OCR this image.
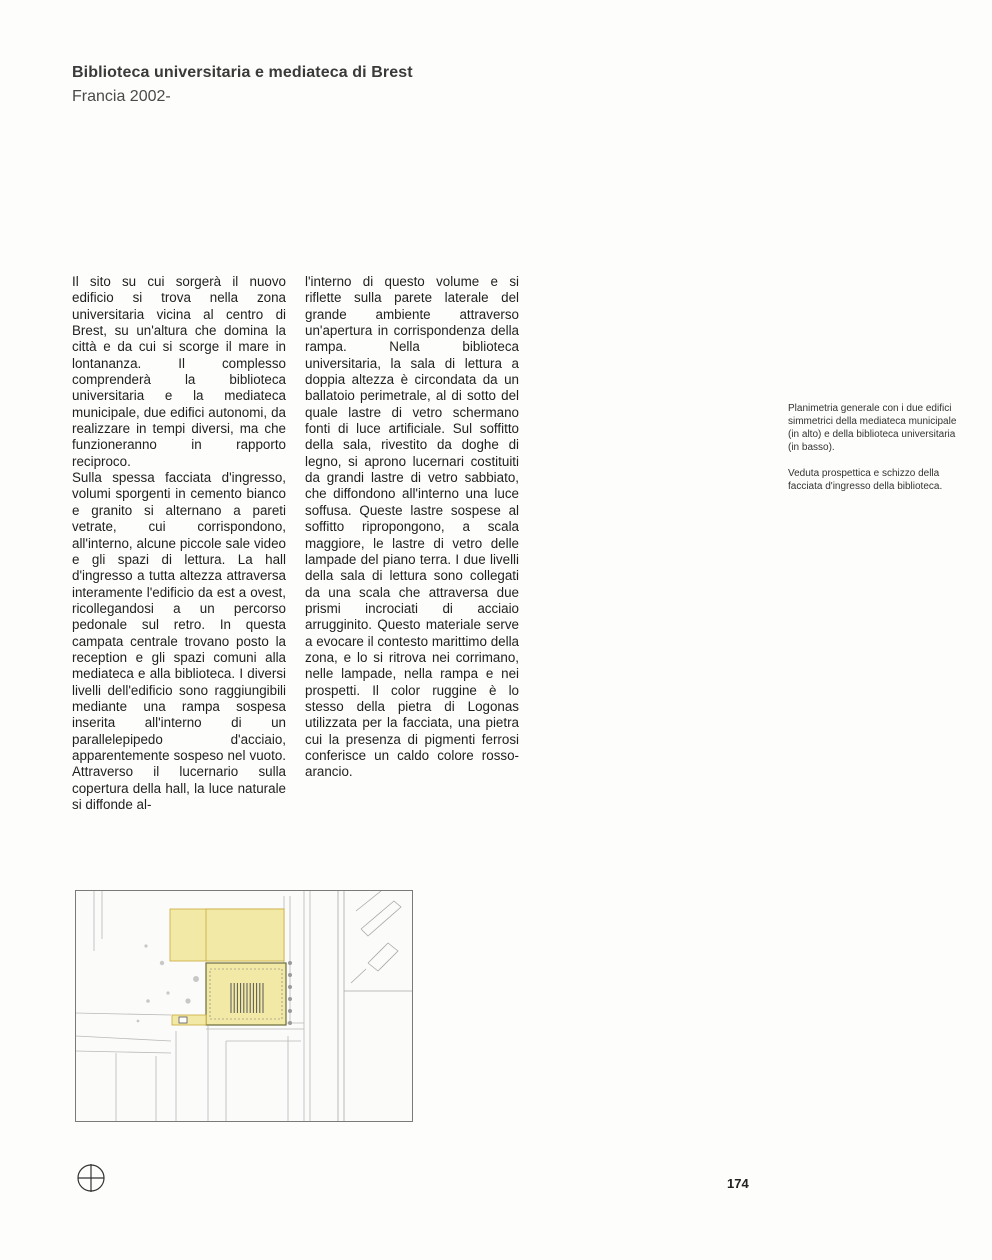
Biblioteca universitaria e mediateca di Brest
Francia 2002-

Il sito su cui sorgerà il nuovo edificio si trova nella zona universitaria vicina al centro di Brest, su un'altura che domina la città e da cui si scorge il mare in lontananza. Il complesso comprenderà la biblioteca universitaria e la mediateca municipale, due edifici autonomi, da realizzare in tempi diversi, ma che funzioneranno in rapporto reciproco.

Sulla spessa facciata d'ingresso, volumi sporgenti in cemento bianco e granito si alternano a pareti vetrate, cui corrispondono, all'interno, alcune piccole sale video e gli spazi di lettura. La hall d'ingresso a tutta altezza attraversa interamente l'edificio da est a ovest, ricollegandosi a un percorso pedonale sul retro. In questa campata centrale trovano posto la reception e gli spazi comuni alla mediateca e alla biblioteca. I diversi livelli dell'edificio sono raggiungibili mediante una rampa sospesa inserita all'interno di un parallelepipedo d'acciaio, apparentemente sospeso nel vuoto. Attraverso il lucernario sulla copertura della hall, la luce naturale si diffonde al-

l'interno di questo volume e si riflette sulla parete laterale del grande ambiente attraverso un'apertura in corrispondenza della rampa. Nella biblioteca universitaria, la sala di lettura a doppia altezza è circondata da un ballatoio perimetrale, al di sotto del quale lastre di vetro schermano fonti di luce artificiale. Sul soffitto della sala, rivestito da doghe di legno, si aprono lucernari costituiti da grandi lastre di vetro sabbiato, che diffondono all'interno una luce soffusa. Queste lastre sospese al soffitto ripropongono, a scala maggiore, le lastre di vetro delle lampade del piano terra. I due livelli della sala di lettura sono collegati da una scala che attraversa due prismi incrociati di acciaio arrugginito. Questo materiale serve a evocare il contesto marittimo della zona, e lo si ritrova nei corrimano, nelle lampade, nella rampa e nei prospetti. Il color ruggine è lo stesso della pietra di Logonas utilizzata per la facciata, una pietra cui la presenza di pigmenti ferrosi conferisce un caldo colore rosso-arancio.

Planimetria generale con i due edifici simmetrici della mediateca municipale (in alto) e della biblioteca universitaria (in basso).
Veduta prospettica e schizzo della facciata d'ingresso della biblioteca.
174
